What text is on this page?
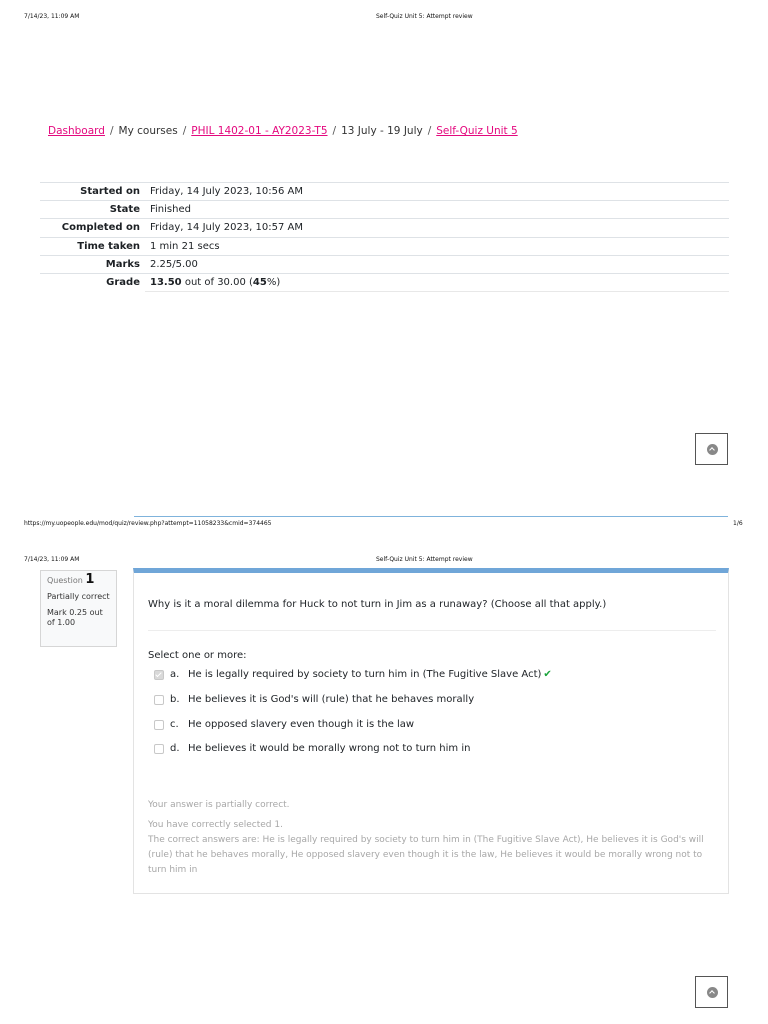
7/14/23, 11:09 AM	Self-Quiz Unit 5: Attempt review
Dashboard / My courses / PHIL 1402-01 - AY2023-T5 / 13 July - 19 July / Self-Quiz Unit 5
Started on	Friday, 14 July 2023, 10:56 AM
State	Finished
Completed on	Friday, 14 July 2023, 10:57 AM
Time taken	1 min 21 secs
Marks	2.25/5.00
Grade	13.50 out of 30.00 (45%)
https://my.uopeople.edu/mod/quiz/review.php?attempt=11058233&cmid=374465	1/6
7/14/23, 11:09 AM	Self-Quiz Unit 5: Attempt review
Question 1
Partially correct
Mark 0.25 out of 1.00
Why is it a moral dilemma for Huck to not turn in Jim as a runaway? (Choose all that apply.)
Select one or more:
a. He is legally required by society to turn him in (The Fugitive Slave Act) ✔
b. He believes it is God's will (rule) that he behaves morally
c. He opposed slavery even though it is the law
d. He believes it would be morally wrong not to turn him in
Your answer is partially correct.
You have correctly selected 1.
The correct answers are: He is legally required by society to turn him in (The Fugitive Slave Act), He believes it is God's will (rule) that he behaves morally, He opposed slavery even though it is the law, He believes it would be morally wrong not to turn him in
